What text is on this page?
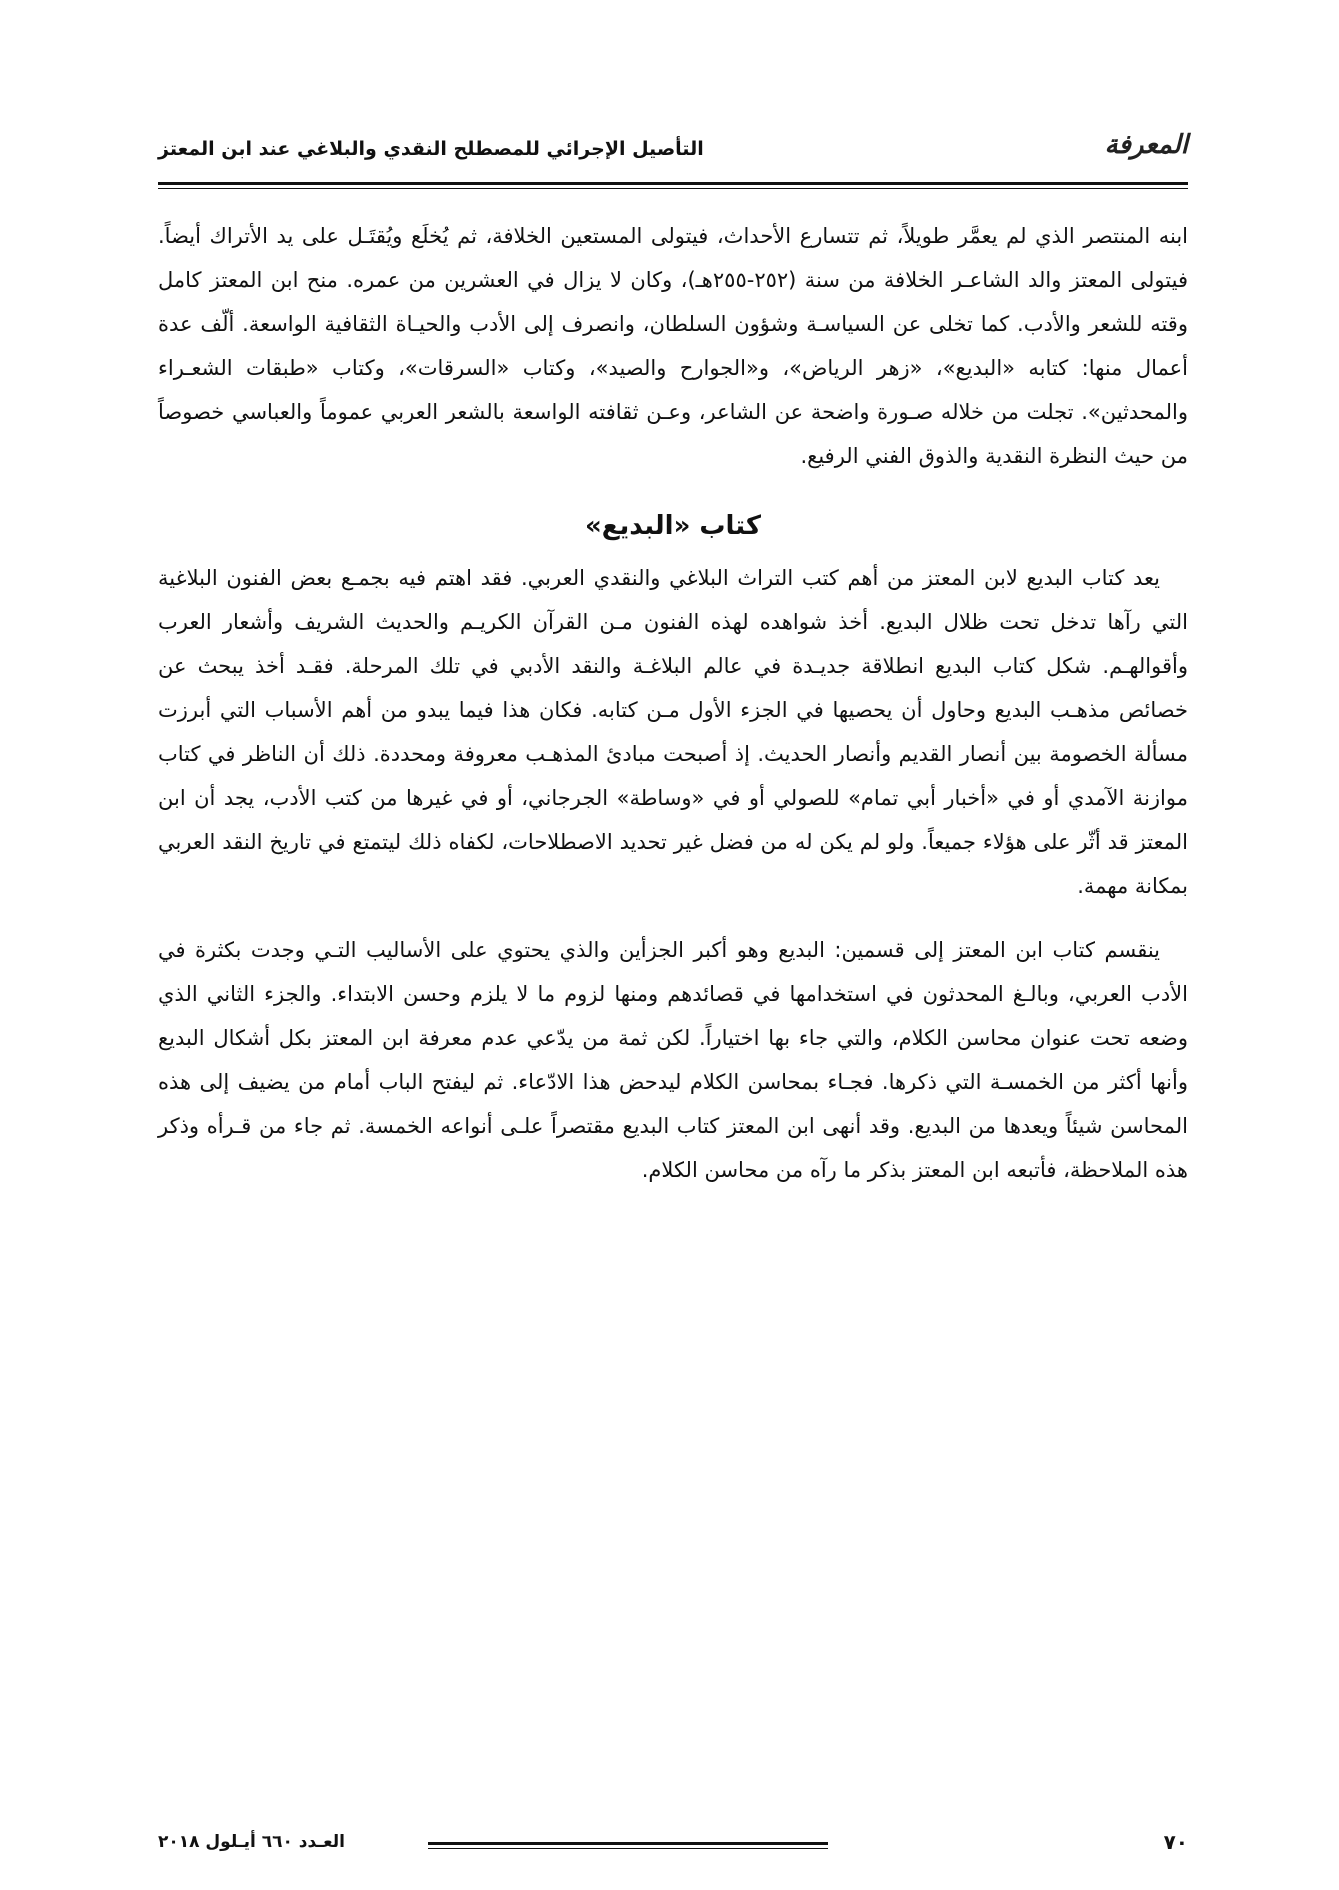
المعرفة
التأصيل الإجرائي للمصطلح النقدي والبلاغي عند ابن المعتز

ابنه المنتصر الذي لم يعمَّر طويلاً، ثم تتسارع الأحداث، فيتولى المستعين الخلافة، ثم يُخلَع ويُقتَـل على يد الأتراك أيضاً. فيتولى المعتز والد الشاعـر الخلافة من سنة (٢٥٢-٢٥٥هـ)، وكان لا يزال في العشرين من عمره. منح ابن المعتز كامل وقته للشعر والأدب. كما تخلى عن السياسـة وشؤون السلطان، وانصرف إلى الأدب والحيـاة الثقافية الواسعة. ألّف عدة أعمال منها: كتابه «البديع»، «زهر الرياض»، و«الجوارح والصيد»، وكتاب «السرقات»، وكتاب «طبقات الشعـراء والمحدثين». تجلت من خلاله صـورة واضحة عن الشاعر، وعـن ثقافته الواسعة بالشعر العربي عموماً والعباسي خصوصاً من حيث النظرة النقدية والذوق الفني الرفيع.

كتاب «البديع»

يعد كتاب البديع لابن المعتز من أهم كتب التراث البلاغي والنقدي العربي. فقد اهتم فيه بجمـع بعض الفنون البلاغية التي رآها تدخل تحت ظلال البديع. أخذ شواهده لهذه الفنون مـن القرآن الكريـم والحديث الشريف وأشعار العرب وأقوالهـم. شكل كتاب البديع انطلاقة جديـدة في عالم البلاغـة والنقد الأدبي في تلك المرحلة. فقـد أخذ يبحث عن خصائص مذهـب البديع وحاول أن يحصيها في الجزء الأول مـن كتابه. فكان هذا فيما يبدو من أهم الأسباب التي أبرزت مسألة الخصومة بين أنصار القديم وأنصار الحديث. إذ أصبحت مبادئ المذهـب معروفة ومحددة. ذلك أن الناظر في كتاب موازنة الآمدي أو في «أخبار أبي تمام» للصولي أو في «وساطة» الجرجاني، أو في غيرها من كتب الأدب، يجد أن ابن المعتز قد أثّر على هؤلاء جميعاً. ولو لم يكن له من فضل غير تحديد الاصطلاحات، لكفاه ذلك ليتمتع في تاريخ النقد العربي بمكانة مهمة.

ينقسم كتاب ابن المعتز إلى قسمين: البديع وهو أكبر الجزأين والذي يحتوي على الأساليب التـي وجدت بكثرة في الأدب العربي، وبالـغ المحدثون في استخدامها في قصائدهم ومنها لزوم ما لا يلزم وحسن الابتداء. والجزء الثاني الذي وضعه تحت عنوان محاسن الكلام، والتي جاء بها اختياراً. لكن ثمة من يدّعي عدم معرفة ابن المعتز بكل أشكال البديع وأنها أكثر من الخمسـة التي ذكرها. فجـاء بمحاسن الكلام ليدحض هذا الادّعاء. ثم ليفتح الباب أمام من يضيف إلى هذه المحاسن شيئاً ويعدها من البديع. وقد أنهى ابن المعتز كتاب البديع مقتصراً علـى أنواعه الخمسة. ثم جاء من قـرأه وذكر هذه الملاحظة، فأتبعه ابن المعتز بذكر ما رآه من محاسن الكلام.

٧٠
العـدد ٦٦٠ أيـلول ٢٠١٨
